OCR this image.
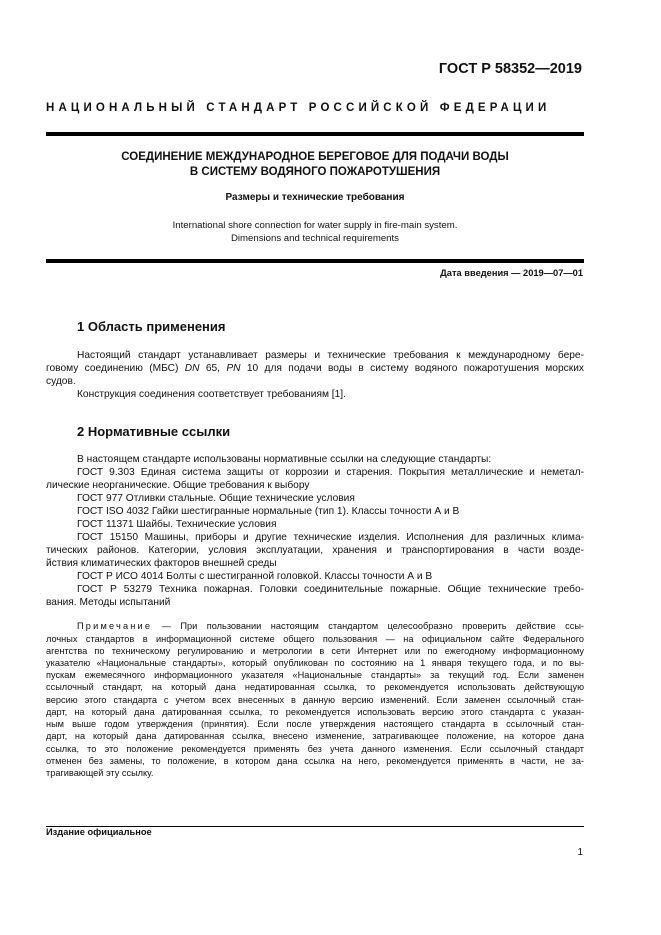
ГОСТ Р 58352—2019
НАЦИОНАЛЬНЫЙ СТАНДАРТ РОССИЙСКОЙ ФЕДЕРАЦИИ
СОЕДИНЕНИЕ МЕЖДУНАРОДНОЕ БЕРЕГОВОЕ ДЛЯ ПОДАЧИ ВОДЫ
В СИСТЕМУ ВОДЯНОГО ПОЖАРОТУШЕНИЯ
Размеры и технические требования
International shore connection for water supply in fire-main system.
Dimensions and technical requirements
Дата введения — 2019—07—01
1 Область применения
Настоящий стандарт устанавливает размеры и технические требования к международному бере-
говому соединению (МБС) DN 65, PN 10 для подачи воды в систему водяного пожаротушения морских
судов.
Конструкция соединения соответствует требованиям [1].
2 Нормативные ссылки
В настоящем стандарте использованы нормативные ссылки на следующие стандарты:
ГОСТ 9.303 Единая система защиты от коррозии и старения. Покрытия металлические и неметал-
лические неорганические. Общие требования к выбору
ГОСТ 977 Отливки стальные. Общие технические условия
ГОСТ ISO 4032 Гайки шестигранные нормальные (тип 1). Классы точности А и В
ГОСТ 11371 Шайбы. Технические условия
ГОСТ 15150 Машины, приборы и другие технические изделия. Исполнения для различных клима-
тических районов. Категории, условия эксплуатации, хранения и транспортирования в части возде-
йствия климатических факторов внешней среды
ГОСТ Р ИСО 4014 Болты с шестигранной головкой. Классы точности А и В
ГОСТ Р 53279 Техника пожарная. Головки соединительные пожарные. Общие технические требо-
вания. Методы испытаний
Примечание — При пользовании настоящим стандартом целесообразно проверить действие ссы-
лочных стандартов в информационной системе общего пользования — на официальном сайте Федерального
агентства по техническому регулированию и метрологии в сети Интернет или по ежегодному информационному
указателю «Национальные стандарты», который опубликован по состоянию на 1 января текущего года, и по вы-
пускам ежемесячного информационного указателя «Национальные стандарты» за текущий год. Если заменен
ссылочный стандарт, на который дана недатированная ссылка, то рекомендуется использовать действующую
версию этого стандарта с учетом всех внесенных в данную версию изменений. Если заменен ссылочный стан-
дарт, на который дана датированная ссылка, то рекомендуется использовать версию этого стандарта с указан-
ным выше годом утверждения (принятия). Если после утверждения настоящего стандарта в ссылочный стан-
дарт, на который дана датированная ссылка, внесено изменение, затрагивающее положение, на которое дана
ссылка, то это положение рекомендуется применять без учета данного изменения. Если ссылочный стандарт
отменен без замены, то положение, в котором дана ссылка на него, рекомендуется применять в части, не за-
трагивающей эту ссылку.
Издание официальное
1
